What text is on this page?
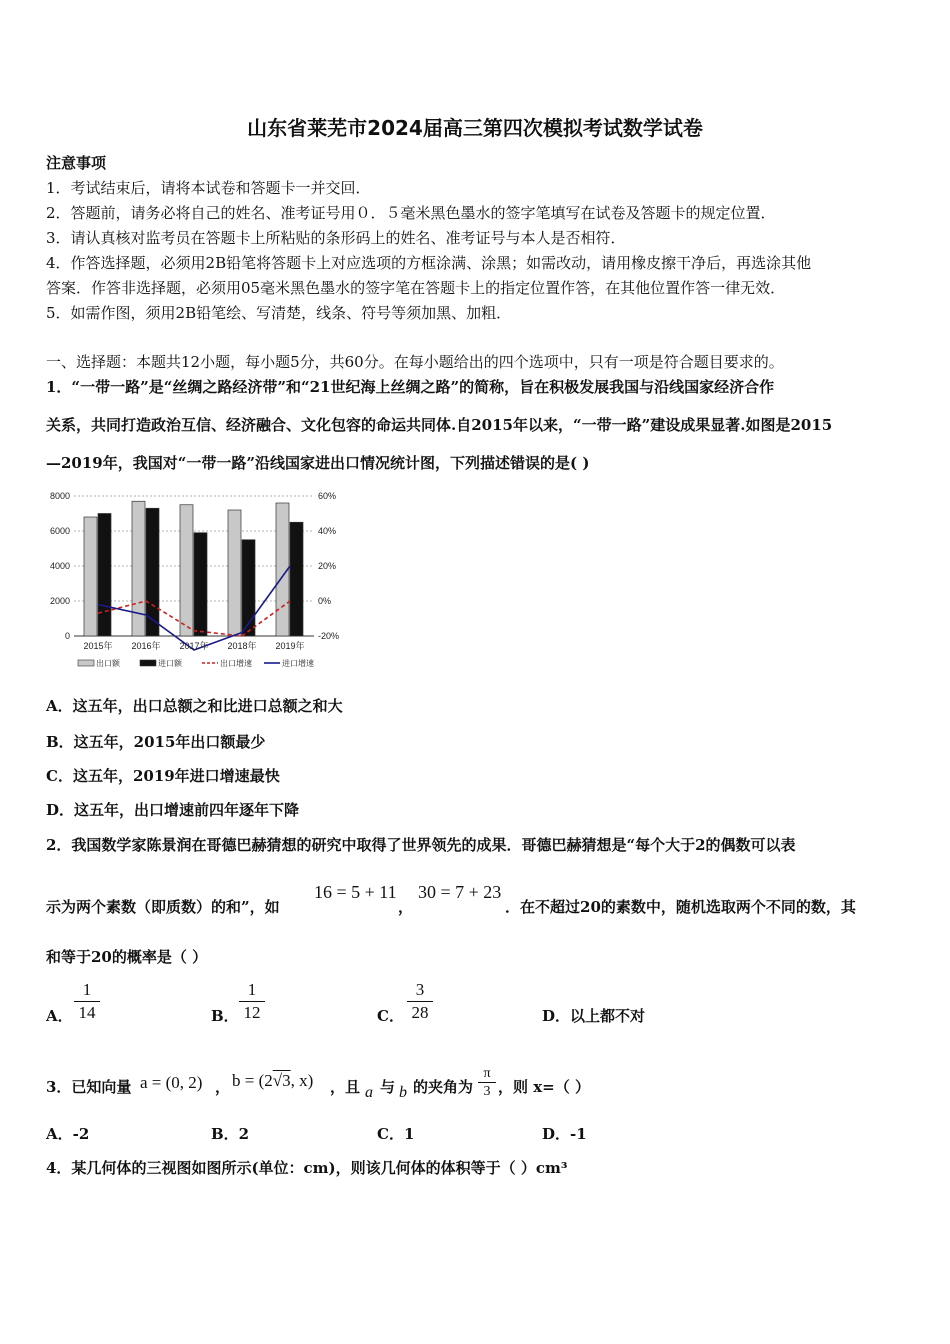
山东省莱芜市2024届高三第四次模拟考试数学试卷
注意事项
1．考试结束后，请将本试卷和答题卡一并交回．
2．答题前，请务必将自己的姓名、准考证号用０．５毫米黑色墨水的签字笔填写在试卷及答题卡的规定位置．
3．请认真核对监考员在答题卡上所粘贴的条形码上的姓名、准考证号与本人是否相符．
4．作答选择题，必须用2B铅笔将答题卡上对应选项的方框涂满、涂黑；如需改动，请用橡皮擦干净后，再选涂其他
答案．作答非选择题，必须用05毫米黑色墨水的签字笔在答题卡上的指定位置作答，在其他位置作答一律无效．
5．如需作图，须用2B铅笔绘、写清楚，线条、符号等须加黑、加粗．
一、选择题：本题共12小题，每小题5分，共60分。在每小题给出的四个选项中，只有一项是符合题目要求的。
1．“一带一路”是“丝绸之路经济带”和“21世纪海上丝绸之路”的简称，旨在积极发展我国与沿线国家经济合作
关系，共同打造政治互信、经济融合、文化包容的命运共同体.自2015年以来，“一带一路”建设成果显著.如图是2015
—2019年，我国对“一带一路”沿线国家进出口情况统计图，下列描述错误的是( )
8000	60%
6000	40%
4000	20%
2000	0%
0	-20%
2015年 2016年 2017年 2018年 2019年
出口额	进口额	出口增速	进口增速
A．这五年，出口总额之和比进口总额之和大
B．这五年，2015年出口额最少
C．这五年，2019年进口增速最快
D．这五年，出口增速前四年逐年下降
2．我国数学家陈景润在哥德巴赫猜想的研究中取得了世界领先的成果．哥德巴赫猜想是“每个大于2的偶数可以表
示为两个素数（即质数）的和”，如
16 = 5 + 11
，
30 = 7 + 23
．在不超过20的素数中，随机选取两个不同的数，其
和等于20的概率是（ ）
A．
1
14	B．
1
12	C．
3
28	D．以上都不对
3．已知向量 a = (0, 2) ， b = (2√3, x) ，且 a 与 b 的夹角为
π
3 ，则 x=（ ）
A．-2	B．2	C．1	D．-1
4．某几何体的三视图如图所示(单位：cm)，则该几何体的体积等于（ ）cm³
